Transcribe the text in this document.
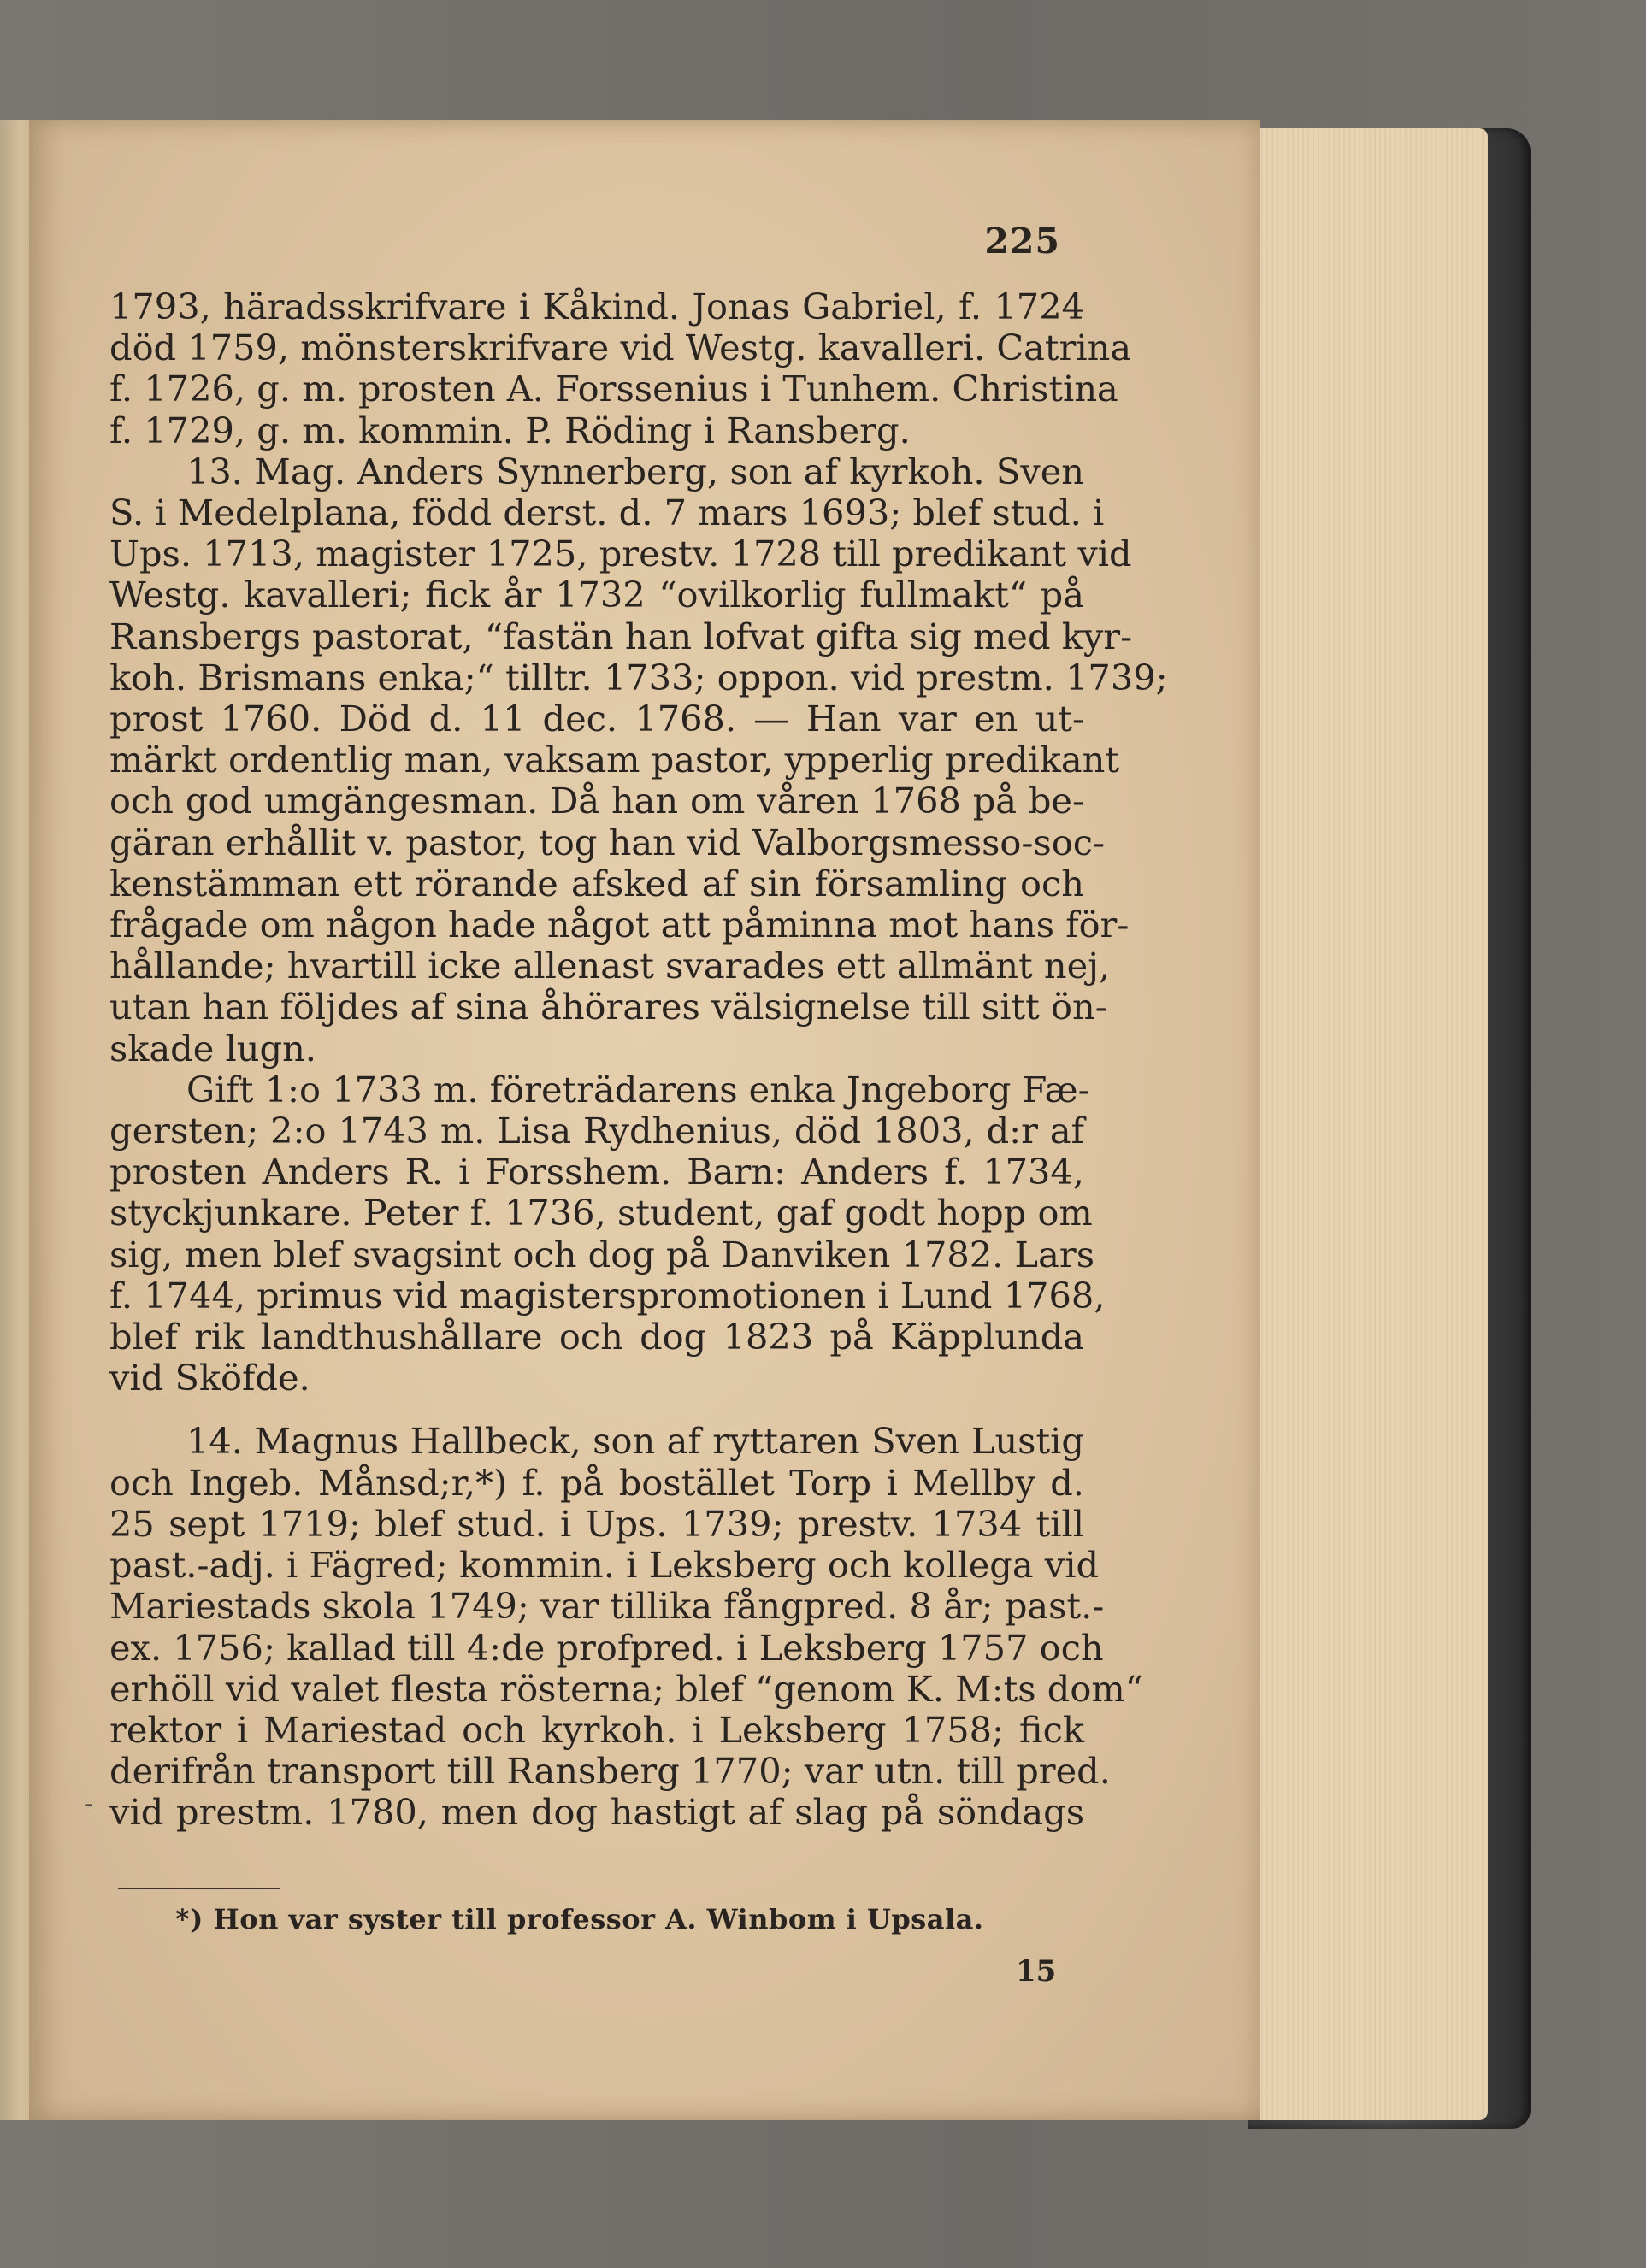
225
1793, häradsskrifvare i Kåkind. Jonas Gabriel, f. 1724
död 1759, mönsterskrifvare vid Westg. kavalleri. Catrina
f. 1726, g. m. prosten A. Forssenius i Tunhem. Christina
f. 1729, g. m. kommin. P. Röding i Ransberg.
13. Mag. Anders Synnerberg, son af kyrkoh. Sven
S. i Medelplana, född derst. d. 7 mars 1693; blef stud. i
Ups. 1713, magister 1725, prestv. 1728 till predikant vid
Westg. kavalleri; fick år 1732 “ovilkorlig fullmakt“ på
Ransbergs pastorat, “fastän han lofvat gifta sig med kyr-
koh. Brismans enka;“ tilltr. 1733; oppon. vid prestm. 1739;
prost 1760. Död d. 11 dec. 1768. — Han var en ut-
märkt ordentlig man, vaksam pastor, ypperlig predikant
och god umgängesman. Då han om våren 1768 på be-
gäran erhållit v. pastor, tog han vid Valborgsmesso-soc-
kenstämman ett rörande afsked af sin församling och
frågade om någon hade något att påminna mot hans för-
hållande; hvartill icke allenast svarades ett allmänt nej,
utan han följdes af sina åhörares välsignelse till sitt ön-
skade lugn.
Gift 1:o 1733 m. företrädarens enka Jngeborg Fæ-
gersten; 2:o 1743 m. Lisa Rydhenius, död 1803, d:r af
prosten Anders R. i Forsshem. Barn: Anders f. 1734,
styckjunkare. Peter f. 1736, student, gaf godt hopp om
sig, men blef svagsint och dog på Danviken 1782. Lars
f. 1744, primus vid magisterspromotionen i Lund 1768,
blef rik landthushållare och dog 1823 på Käpplunda
vid Sköfde.
14. Magnus Hallbeck, son af ryttaren Sven Lustig
och Ingeb. Månsd;r,*) f. på bostället Torp i Mellby d.
25 sept 1719; blef stud. i Ups. 1739; prestv. 1734 till
past.-adj. i Fägred; kommin. i Leksberg och kollega vid
Mariestads skola 1749; var tillika fångpred. 8 år; past.-
ex. 1756; kallad till 4:de profpred. i Leksberg 1757 och
erhöll vid valet flesta rösterna; blef “genom K. M:ts dom“
rektor i Mariestad och kyrkoh. i Leksberg 1758; fick
derifrån transport till Ransberg 1770; var utn. till pred.
vid prestm. 1780, men dog hastigt af slag på söndags
-
*) Hon var syster till professor A. Winbom i Upsala.
15
